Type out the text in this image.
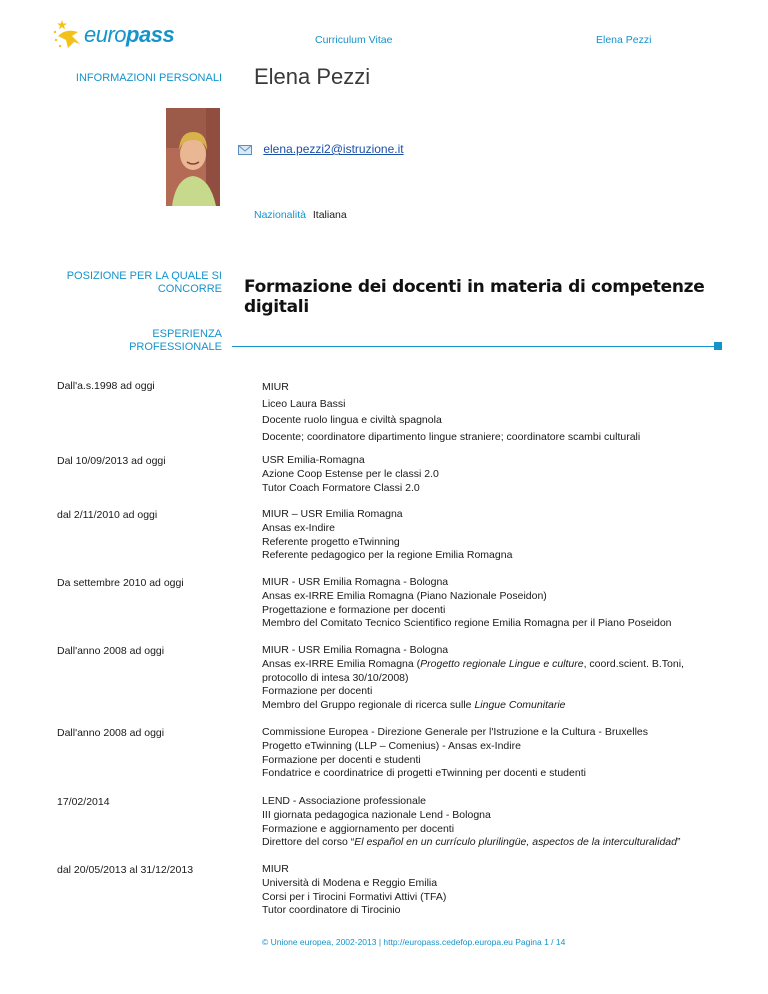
europass	Curriculum Vitae	Elena Pezzi
INFORMAZIONI PERSONALI Elena Pezzi
elena.pezzi2@istruzione.it
Nazionalità Italiana
POSIZIONE PER LA QUALE SI
CONCORRE Formazione dei docenti in materia di competenze digitali
ESPERIENZA
PROFESSIONALE
Dall'a.s.1998 ad oggi	MIUR
Liceo Laura Bassi
Docente ruolo lingua e civiltà spagnola
Docente; coordinatore dipartimento lingue straniere; coordinatore scambi culturali
Dal 10/09/2013 ad oggi	USR Emilia-Romagna
Azione Coop Estense per le classi 2.0
Tutor Coach Formatore Classi 2.0
dal 2/11/2010 ad oggi	MIUR – USR Emilia Romagna
Ansas ex-Indire
Referente progetto eTwinning
Referente pedagogico per la regione Emilia Romagna
Da settembre 2010 ad oggi	MIUR - USR Emilia Romagna - Bologna
Ansas ex-IRRE Emilia Romagna (Piano Nazionale Poseidon)
Progettazione e formazione per docenti
Membro del Comitato Tecnico Scientifico regione Emilia Romagna per il Piano Poseidon
Dall'anno 2008 ad oggi	MIUR - USR Emilia Romagna - Bologna
Ansas ex-IRRE Emilia Romagna (Progetto regionale Lingue e culture, coord.scient. B.Toni,
protocollo di intesa 30/10/2008)
Formazione per docenti
Membro del Gruppo regionale di ricerca sulle Lingue Comunitarie
Dall'anno 2008 ad oggi	Commissione Europea - Direzione Generale per l'Istruzione e la Cultura - Bruxelles
Progetto eTwinning (LLP – Comenius) - Ansas ex-Indire
Formazione per docenti e studenti
Fondatrice e coordinatrice di progetti eTwinning per docenti e studenti
17/02/2014	LEND - Associazione professionale
III giornata pedagogica nazionale Lend - Bologna
Formazione e aggiornamento per docenti
Direttore del corso “El español en un currículo plurilingüe, aspectos de la interculturalidad”
dal 20/05/2013 al 31/12/2013	MIUR
Università di Modena e Reggio Emilia
Corsi per i Tirocini Formativi Attivi (TFA)
Tutor coordinatore di Tirocinio
© Unione europea, 2002-2013 | http://europass.cedefop.europa.eu Pagina 1 / 14
